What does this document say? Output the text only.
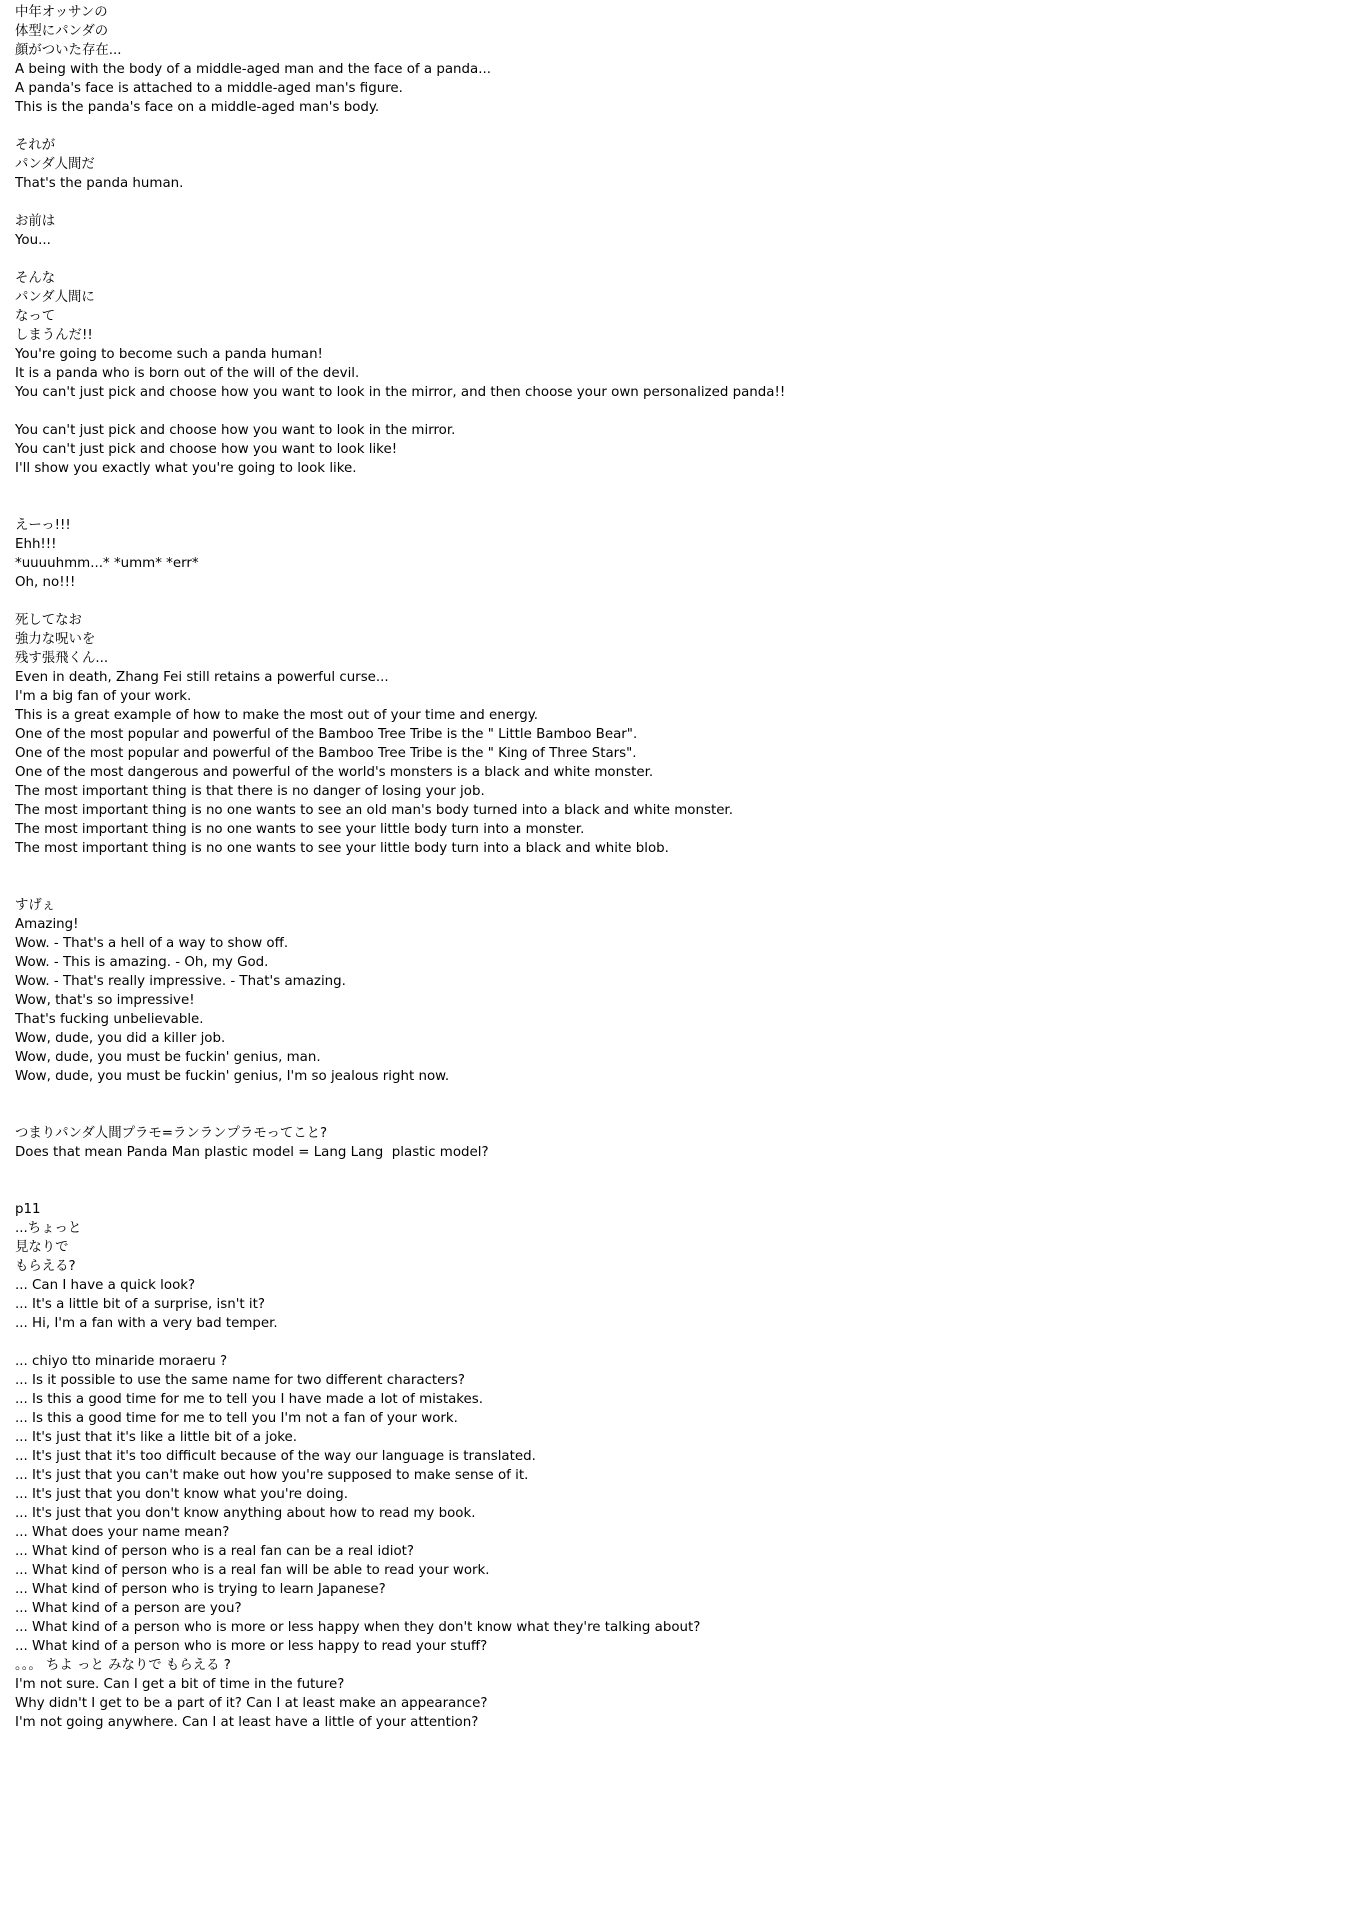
中年オッサンの
体型にパンダの
顔がついた存在...
A being with the body of a middle-aged man and the face of a panda...
A panda's face is attached to a middle-aged man's figure.
This is the panda's face on a middle-aged man's body.
それが
パンダ人間だ
That's the panda human.
お前は
You...
そんな
パンダ人間に
なって
しまうんだ!!
You're going to become such a panda human!
It is a panda who is born out of the will of the devil.
You can't just pick and choose how you want to look in the mirror, and then choose your own personalized panda!!
You can't just pick and choose how you want to look in the mirror.
You can't just pick and choose how you want to look like!
I'll show you exactly what you're going to look like.
えーっ!!!
Ehh!!!
*uuuuhmm...* *umm* *err*
Oh, no!!!
死してなお
強力な呪いを
残す張飛くん...
Even in death, Zhang Fei still retains a powerful curse...
I'm a big fan of your work.
This is a great example of how to make the most out of your time and energy.
One of the most popular and powerful of the Bamboo Tree Tribe is the " Little Bamboo Bear".
One of the most popular and powerful of the Bamboo Tree Tribe is the " King of Three Stars".
One of the most dangerous and powerful of the world's monsters is a black and white monster.
The most important thing is that there is no danger of losing your job.
The most important thing is no one wants to see an old man's body turned into a black and white monster.
The most important thing is no one wants to see your little body turn into a monster.
The most important thing is no one wants to see your little body turn into a black and white blob.
すげぇ
Amazing!
Wow. - That's a hell of a way to show off.
Wow. - This is amazing. - Oh, my God.
Wow. - That's really impressive. - That's amazing.
Wow, that's so impressive!
That's fucking unbelievable.
Wow, dude, you did a killer job.
Wow, dude, you must be fuckin' genius, man.
Wow, dude, you must be fuckin' genius, I'm so jealous right now.
つまりパンダ人間プラモ=ランランプラモってこと?
Does that mean Panda Man plastic model = Lang Lang  plastic model?
p11
...ちょっと
見なりで
もらえる?
... Can I have a quick look?
... It's a little bit of a surprise, isn't it?
... Hi, I'm a fan with a very bad temper.
... chiyo tto minaride moraeru ?
... Is it possible to use the same name for two different characters?
... Is this a good time for me to tell you I have made a lot of mistakes.
... Is this a good time for me to tell you I'm not a fan of your work.
... It's just that it's like a little bit of a joke.
... It's just that it's too difficult because of the way our language is translated.
... It's just that you can't make out how you're supposed to make sense of it.
... It's just that you don't know what you're doing.
... It's just that you don't know anything about how to read my book.
... What does your name mean?
... What kind of person who is a real fan can be a real idiot?
... What kind of person who is a real fan will be able to read your work.
... What kind of person who is trying to learn Japanese?
... What kind of a person are you?
... What kind of a person who is more or less happy when they don't know what they're talking about?
... What kind of a person who is more or less happy to read your stuff?
。。。 ちよ っと みなりで もらえる ?
I'm not sure. Can I get a bit of time in the future?
Why didn't I get to be a part of it? Can I at least make an appearance?
I'm not going anywhere. Can I at least have a little of your attention?
